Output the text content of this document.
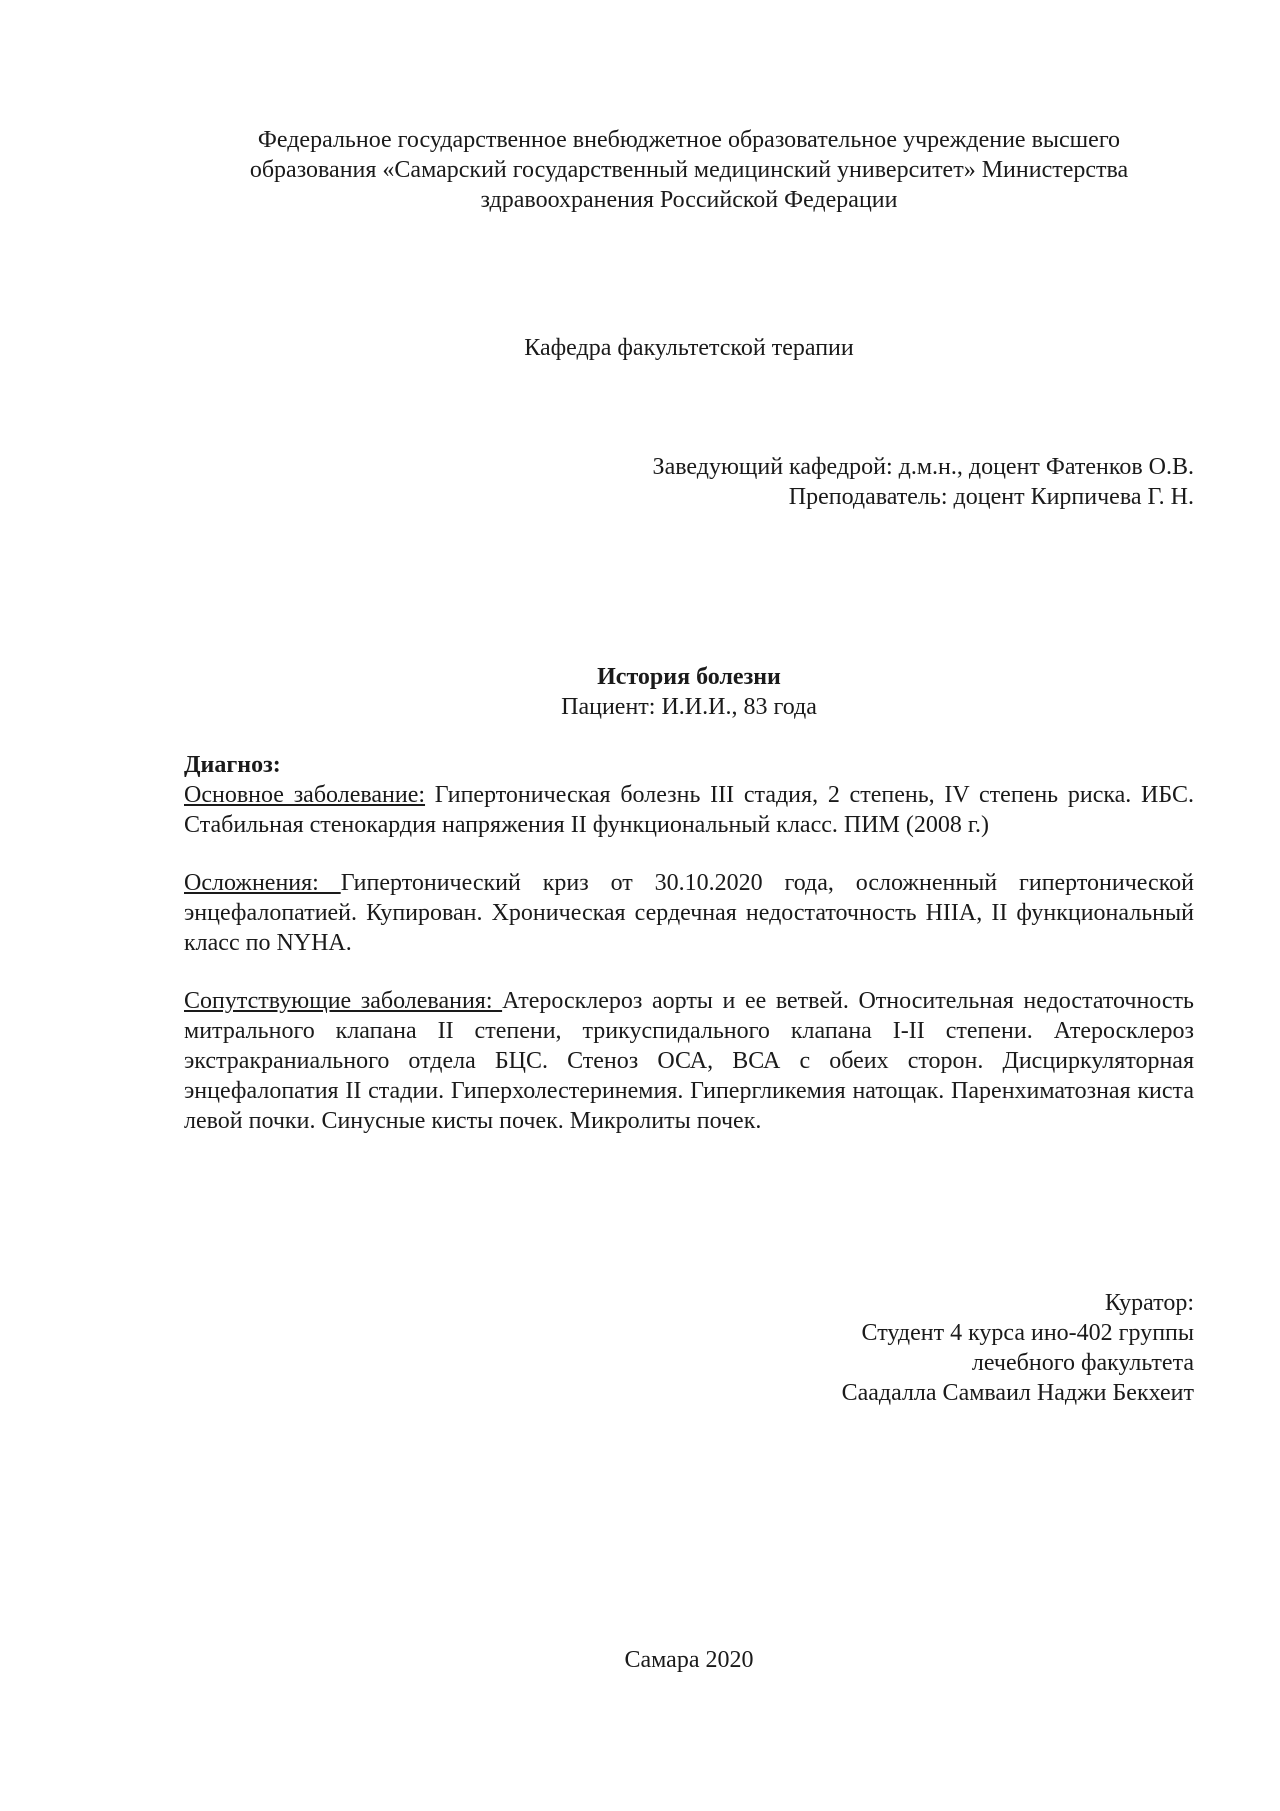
Федеральное государственное внебюджетное образовательное учреждение высшего
образования «Самарский государственный медицинский университет» Министерства
здравоохранения Российской Федерации
Кафедра факультетской терапии
Заведующий кафедрой: д.м.н., доцент Фатенков О.В.
Преподаватель: доцент Кирпичева Г. Н.
История болезни
Пациент: И.И.И., 83 года
Диагноз:
Основное заболевание: Гипертоническая болезнь III стадия, 2 степень, IV степень риска. ИБС. Стабильная стенокардия напряжения II функциональный класс. ПИМ (2008 г.)
Осложнения: Гипертонический криз от 30.10.2020 года, осложненный гипертонической энцефалопатией. Купирован. Хроническая сердечная недостаточность НIIА, II функциональный класс по NYHA.
Сопутствующие заболевания: Атеросклероз аорты и ее ветвей. Относительная недостаточность митрального клапана II степени, трикуспидального клапана I-II степени. Атеросклероз экстракраниального отдела БЦС. Стеноз ОСА, ВСА с обеих сторон. Дисциркуляторная энцефалопатия II стадии. Гиперхолестеринемия. Гипергликемия натощак. Паренхиматозная киста левой почки. Синусные кисты почек. Микролиты почек.
Куратор:
Студент 4 курса ино-402 группы
лечебного факультета
Саадалла Самваил Наджи Бекхеит
Самара 2020
